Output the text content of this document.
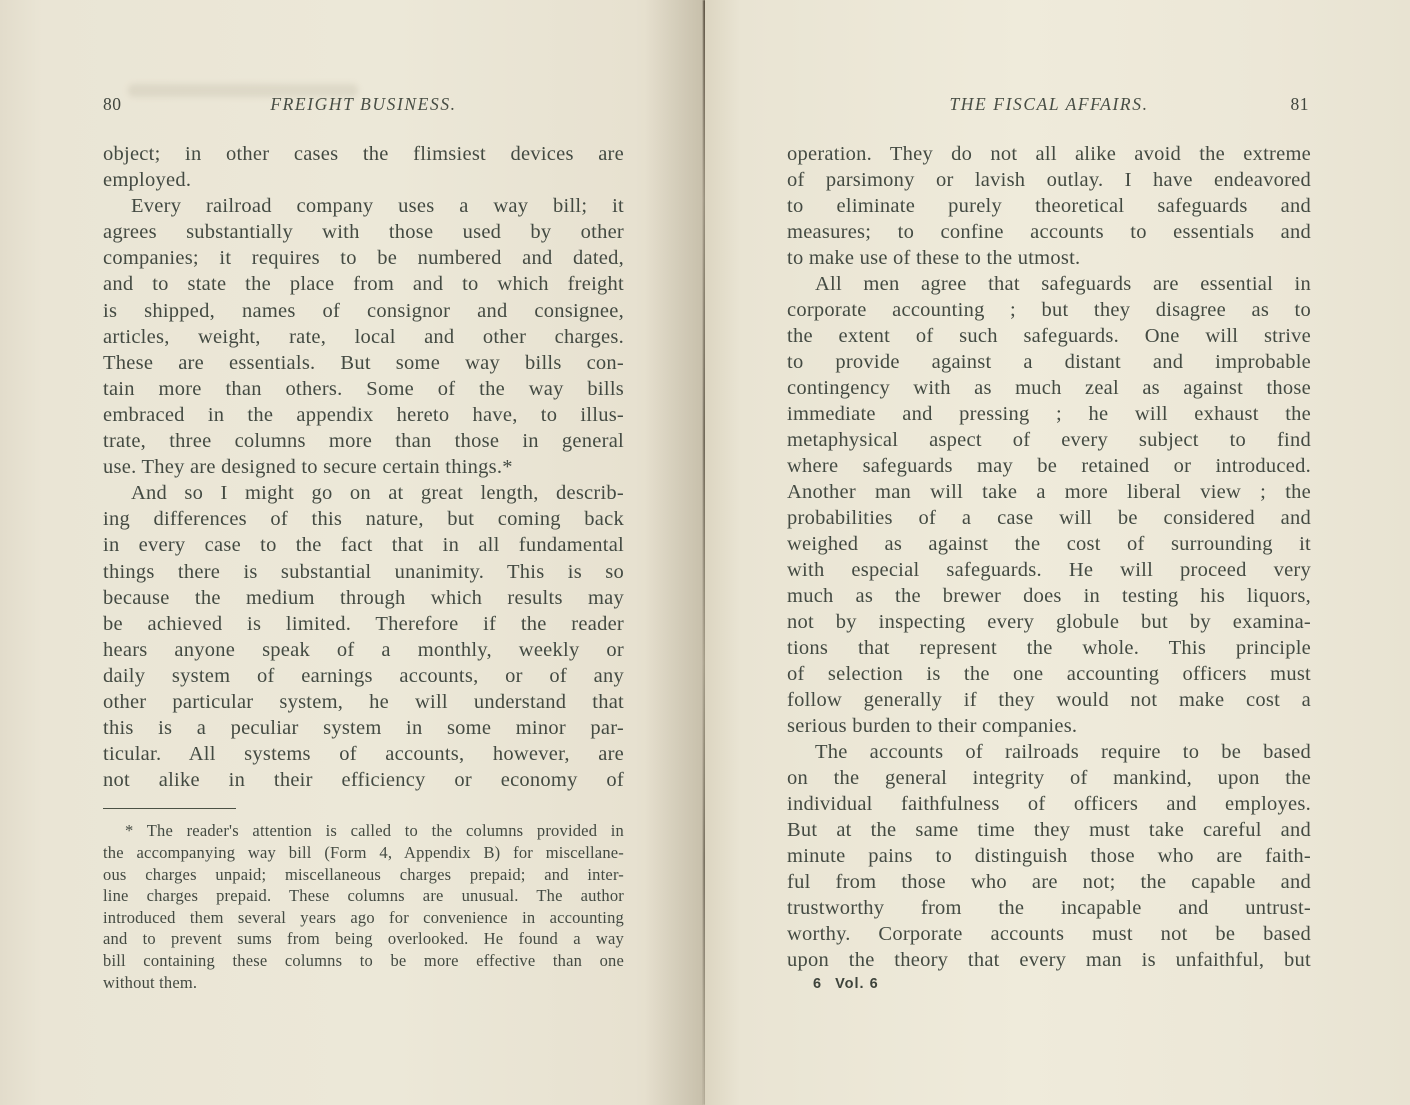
80	FREIGHT BUSINESS.
object; in other cases the flimsiest devices are
employed.
Every railroad company uses a way bill; it
agrees substantially with those used by other
companies; it requires to be numbered and dated,
and to state the place from and to which freight
is shipped, names of consignor and consignee,
articles, weight, rate, local and other charges.
These are essentials. But some way bills con-
tain more than others. Some of the way bills
embraced in the appendix hereto have, to illus-
trate, three columns more than those in general
use. They are designed to secure certain things.*
And so I might go on at great length, describ-
ing differences of this nature, but coming back
in every case to the fact that in all fundamental
things there is substantial unanimity. This is so
because the medium through which results may
be achieved is limited. Therefore if the reader
hears anyone speak of a monthly, weekly or
daily system of earnings accounts, or of any
other particular system, he will understand that
this is a peculiar system in some minor par-
ticular. All systems of accounts, however, are
not alike in their efficiency or economy of
* The reader's attention is called to the columns provided in
the accompanying way bill (Form 4, Appendix B) for miscellane-
ous charges unpaid; miscellaneous charges prepaid; and inter-
line charges prepaid. These columns are unusual. The author
introduced them several years ago for convenience in accounting
and to prevent sums from being overlooked. He found a way
bill containing these columns to be more effective than one
without them.
81
THE FISCAL AFFAIRS.
operation. They do not all alike avoid the extreme
of parsimony or lavish outlay. I have endeavored
to eliminate purely theoretical safeguards and
measures; to confine accounts to essentials and
to make use of these to the utmost.
All men agree that safeguards are essential in
corporate accounting ; but they disagree as to
the extent of such safeguards. One will strive
to provide against a distant and improbable
contingency with as much zeal as against those
immediate and pressing ; he will exhaust the
metaphysical aspect of every subject to find
where safeguards may be retained or introduced.
Another man will take a more liberal view ; the
probabilities of a case will be considered and
weighed as against the cost of surrounding it
with especial safeguards. He will proceed very
much as the brewer does in testing his liquors,
not by inspecting every globule but by examina-
tions that represent the whole. This principle
of selection is the one accounting officers must
follow generally if they would not make cost a
serious burden to their companies.
The accounts of railroads require to be based
on the general integrity of mankind, upon the
individual faithfulness of officers and employes.
But at the same time they must take careful and
minute pains to distinguish those who are faith-
ful from those who are not; the capable and
trustworthy from the incapable and untrust-
worthy. Corporate accounts must not be based
upon the theory that every man is unfaithful, but
6 Vol. 6
